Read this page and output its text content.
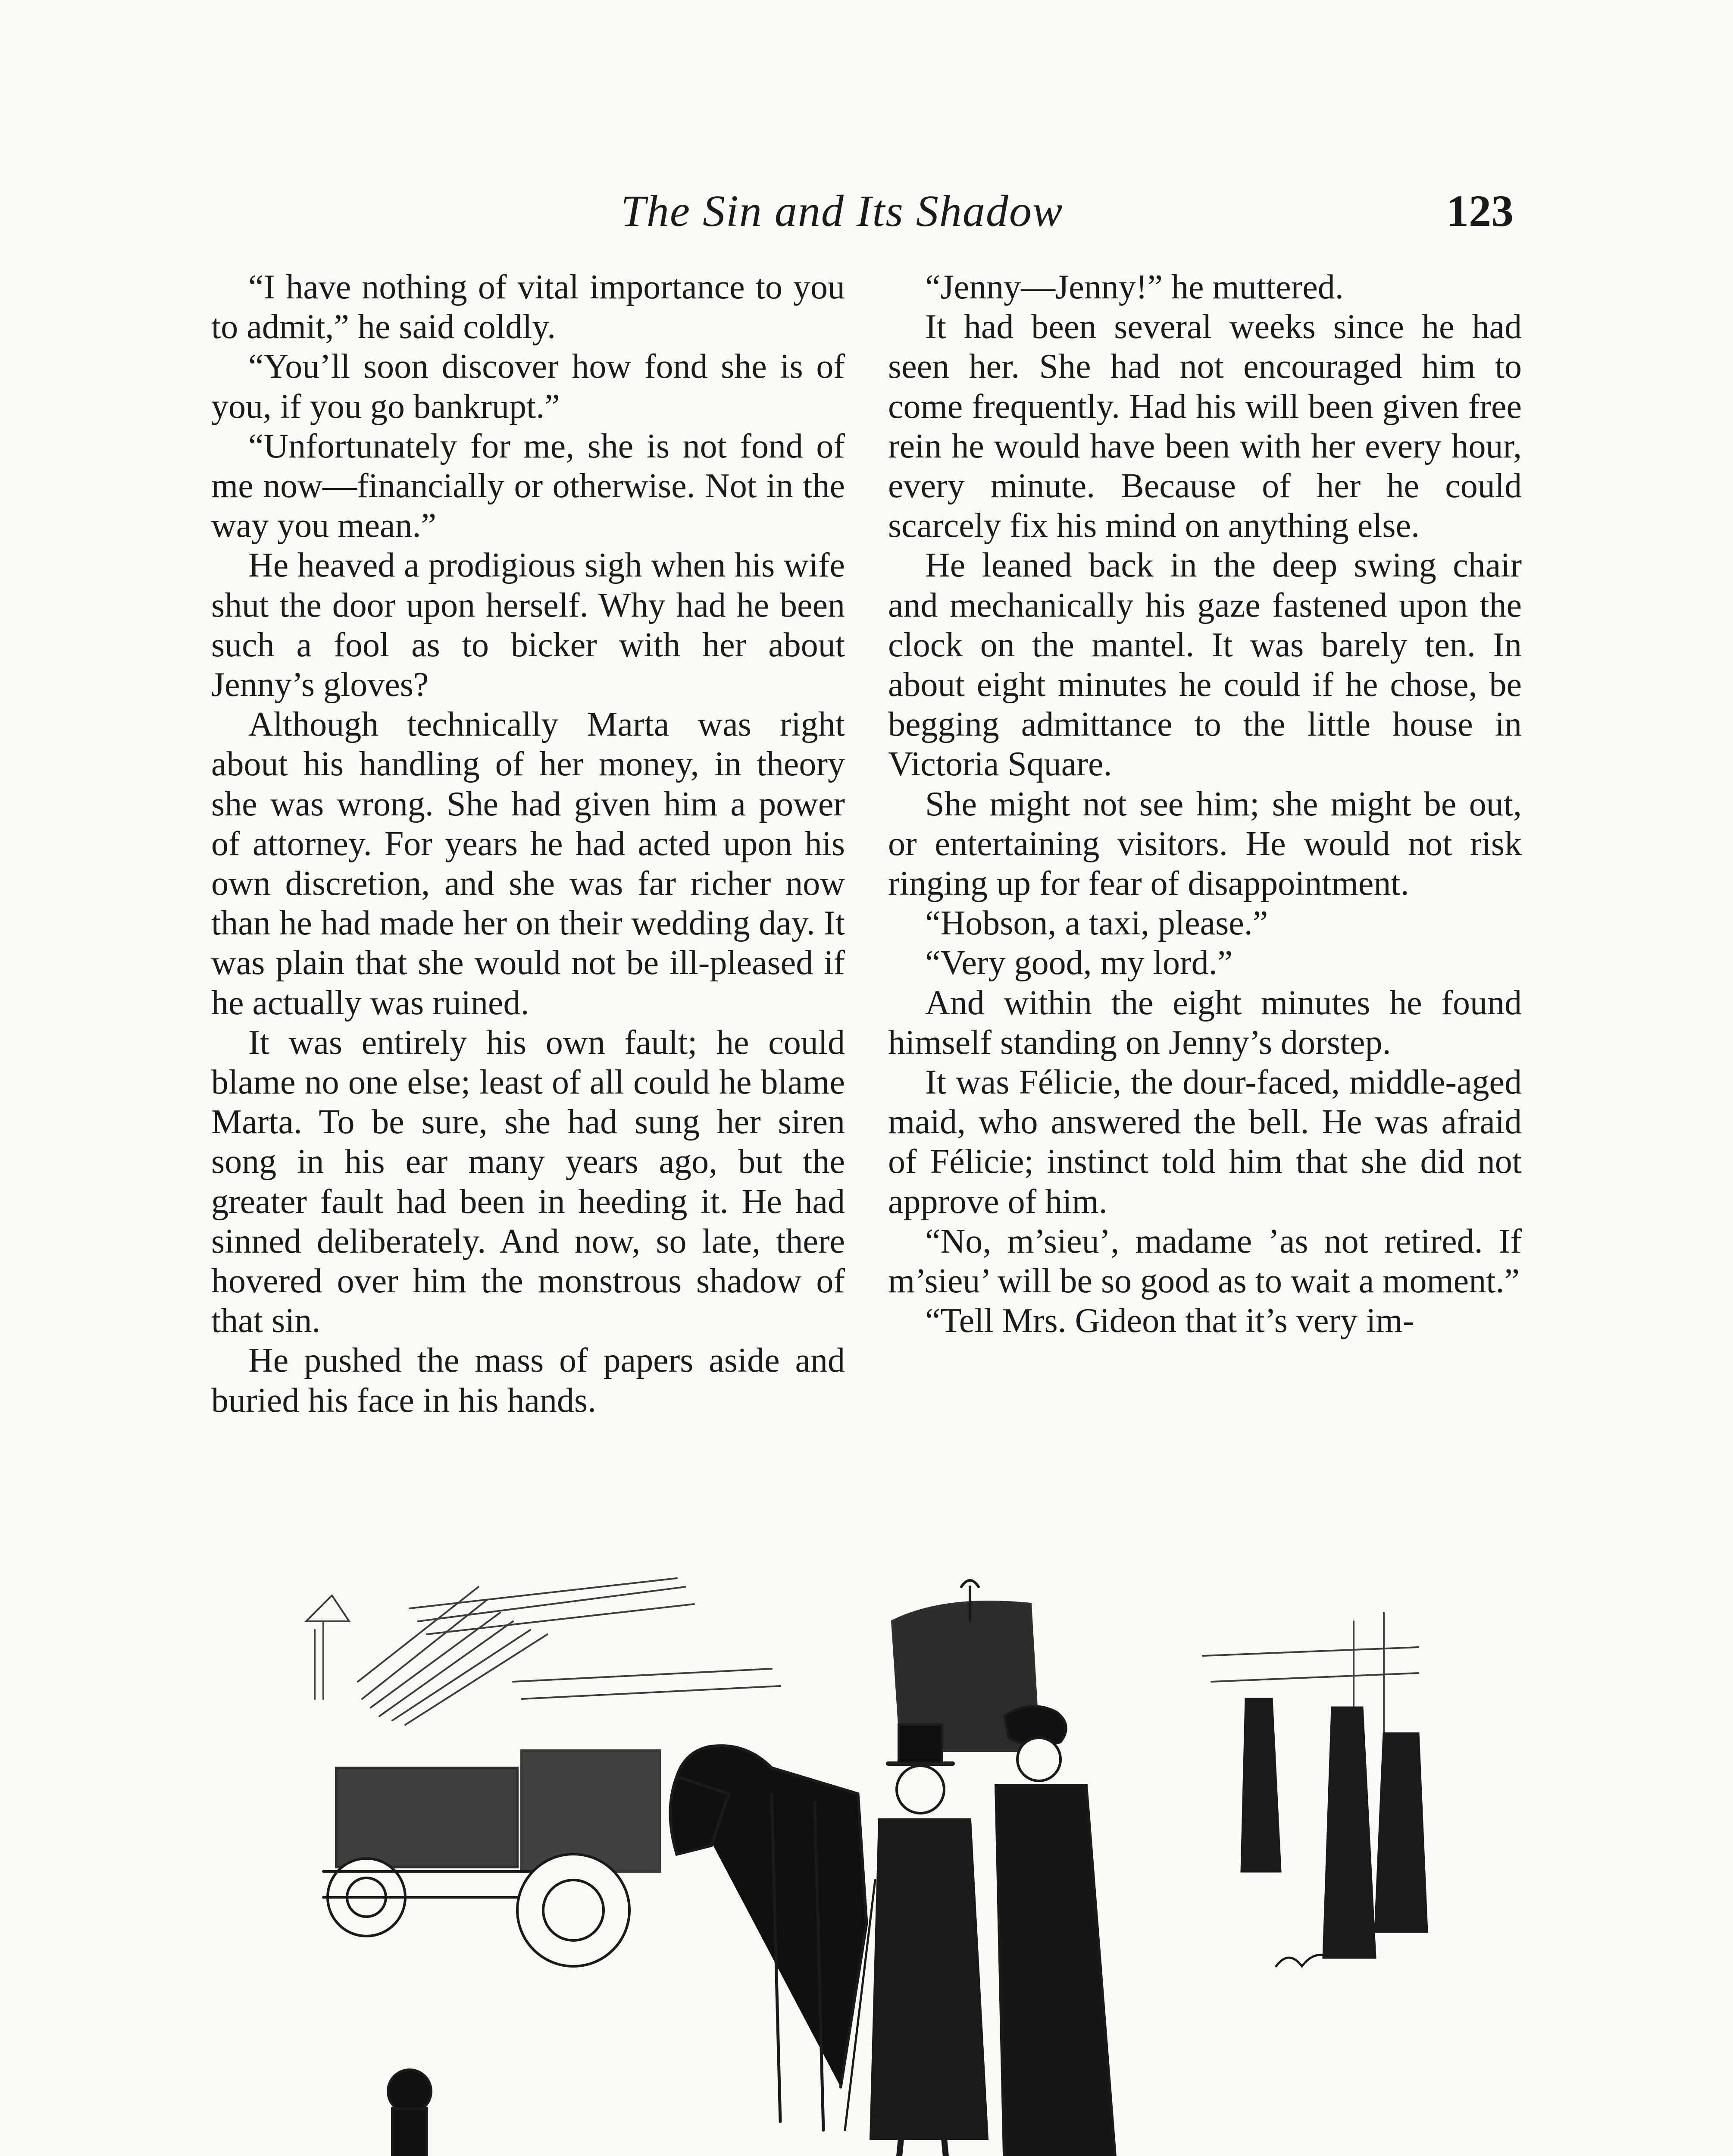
The Sin and Its Shadow	123

“I have nothing of vital importance to you to admit,” he said coldly.

“You’ll soon discover how fond she is of you, if you go bankrupt.”

“Unfortunately for me, she is not fond of me now—financially or otherwise. Not in the way you mean.”

He heaved a prodigious sigh when his wife shut the door upon herself. Why had he been such a fool as to bicker with her about Jenny’s gloves?

Although technically Marta was right about his handling of her money, in theory she was wrong. She had given him a power of attorney. For years he had acted upon his own discretion, and she was far richer now than he had made her on their wedding day. It was plain that she would not be ill-pleased if he actually was ruined.

It was entirely his own fault; he could blame no one else; least of all could he blame Marta. To be sure, she had sung her siren song in his ear many years ago, but the greater fault had been in heeding it. He had sinned deliberately. And now, so late, there hovered over him the monstrous shadow of that sin.

He pushed the mass of papers aside and buried his face in his hands.

“Jenny—Jenny!” he muttered.

It had been several weeks since he had seen her. She had not encouraged him to come frequently. Had his will been given free rein he would have been with her every hour, every minute. Because of her he could scarcely fix his mind on anything else.

He leaned back in the deep swing chair and mechanically his gaze fastened upon the clock on the mantel. It was barely ten. In about eight minutes he could if he chose, be begging admittance to the little house in Victoria Square.

She might not see him; she might be out, or entertaining visitors. He would not risk ringing up for fear of disappointment.

“Hobson, a taxi, please.”

“Very good, my lord.”

And within the eight minutes he found himself standing on Jenny’s dorstep.

It was Félicie, the dour-faced, middle-aged maid, who answered the bell. He was afraid of Félicie; instinct told him that she did not approve of him.

“No, m’sieu’, madame ’as not retired. If m’sieu’ will be so good as to wait a moment.”

“Tell Mrs. Gideon that it’s very im-
